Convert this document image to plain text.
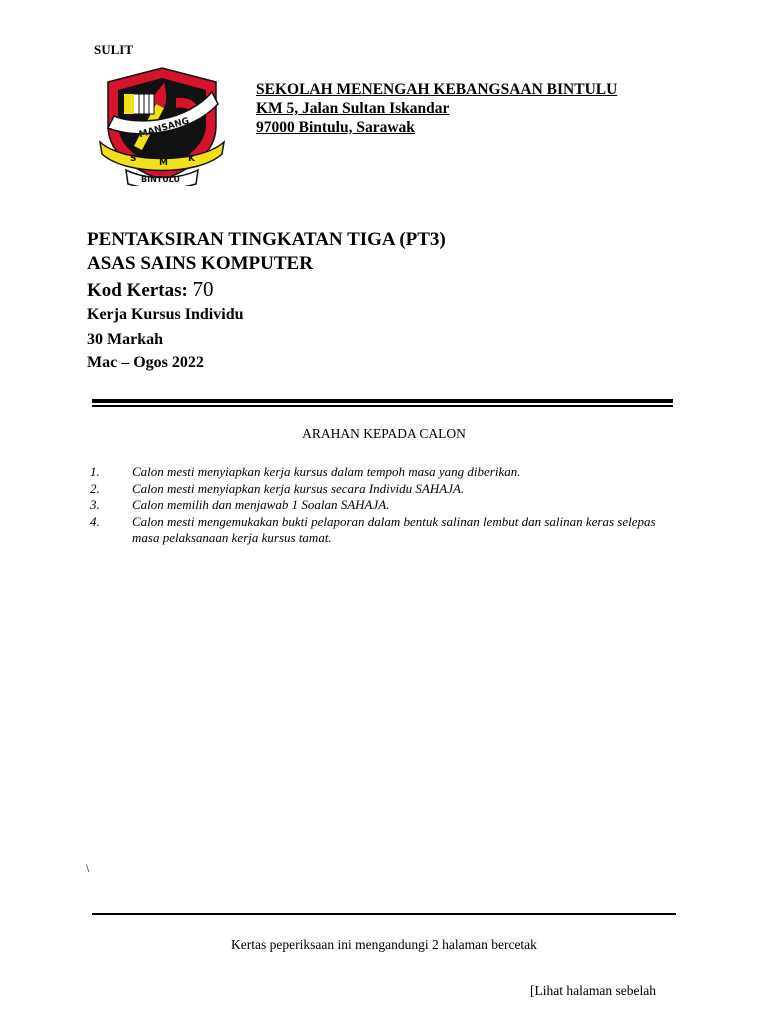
SULIT
MANSANG
S	M K
BINTULU
SEKOLAH MENENGAH KEBANGSAAN BINTULU
KM 5, Jalan Sultan Iskandar
97000 Bintulu, Sarawak
PENTAKSIRAN TINGKATAN TIGA (PT3)
ASAS SAINS KOMPUTER
Kod Kertas: 70
Kerja Kursus Individu
30 Markah
Mac – Ogos 2022
ARAHAN KEPADA CALON
1. Calon mesti menyiapkan kerja kursus dalam tempoh masa yang diberikan.
2. Calon mesti menyiapkan kerja kursus secara Individu SAHAJA.
3. Calon memilih dan menjawab 1 Soalan SAHAJA.
4. Calon mesti mengemukakan bukti pelaporan dalam bentuk salinan lembut dan salinan keras selepas masa pelaksanaan kerja kursus tamat.
\
Kertas peperiksaan ini mengandungi 2 halaman bercetak
[Lihat halaman sebelah
